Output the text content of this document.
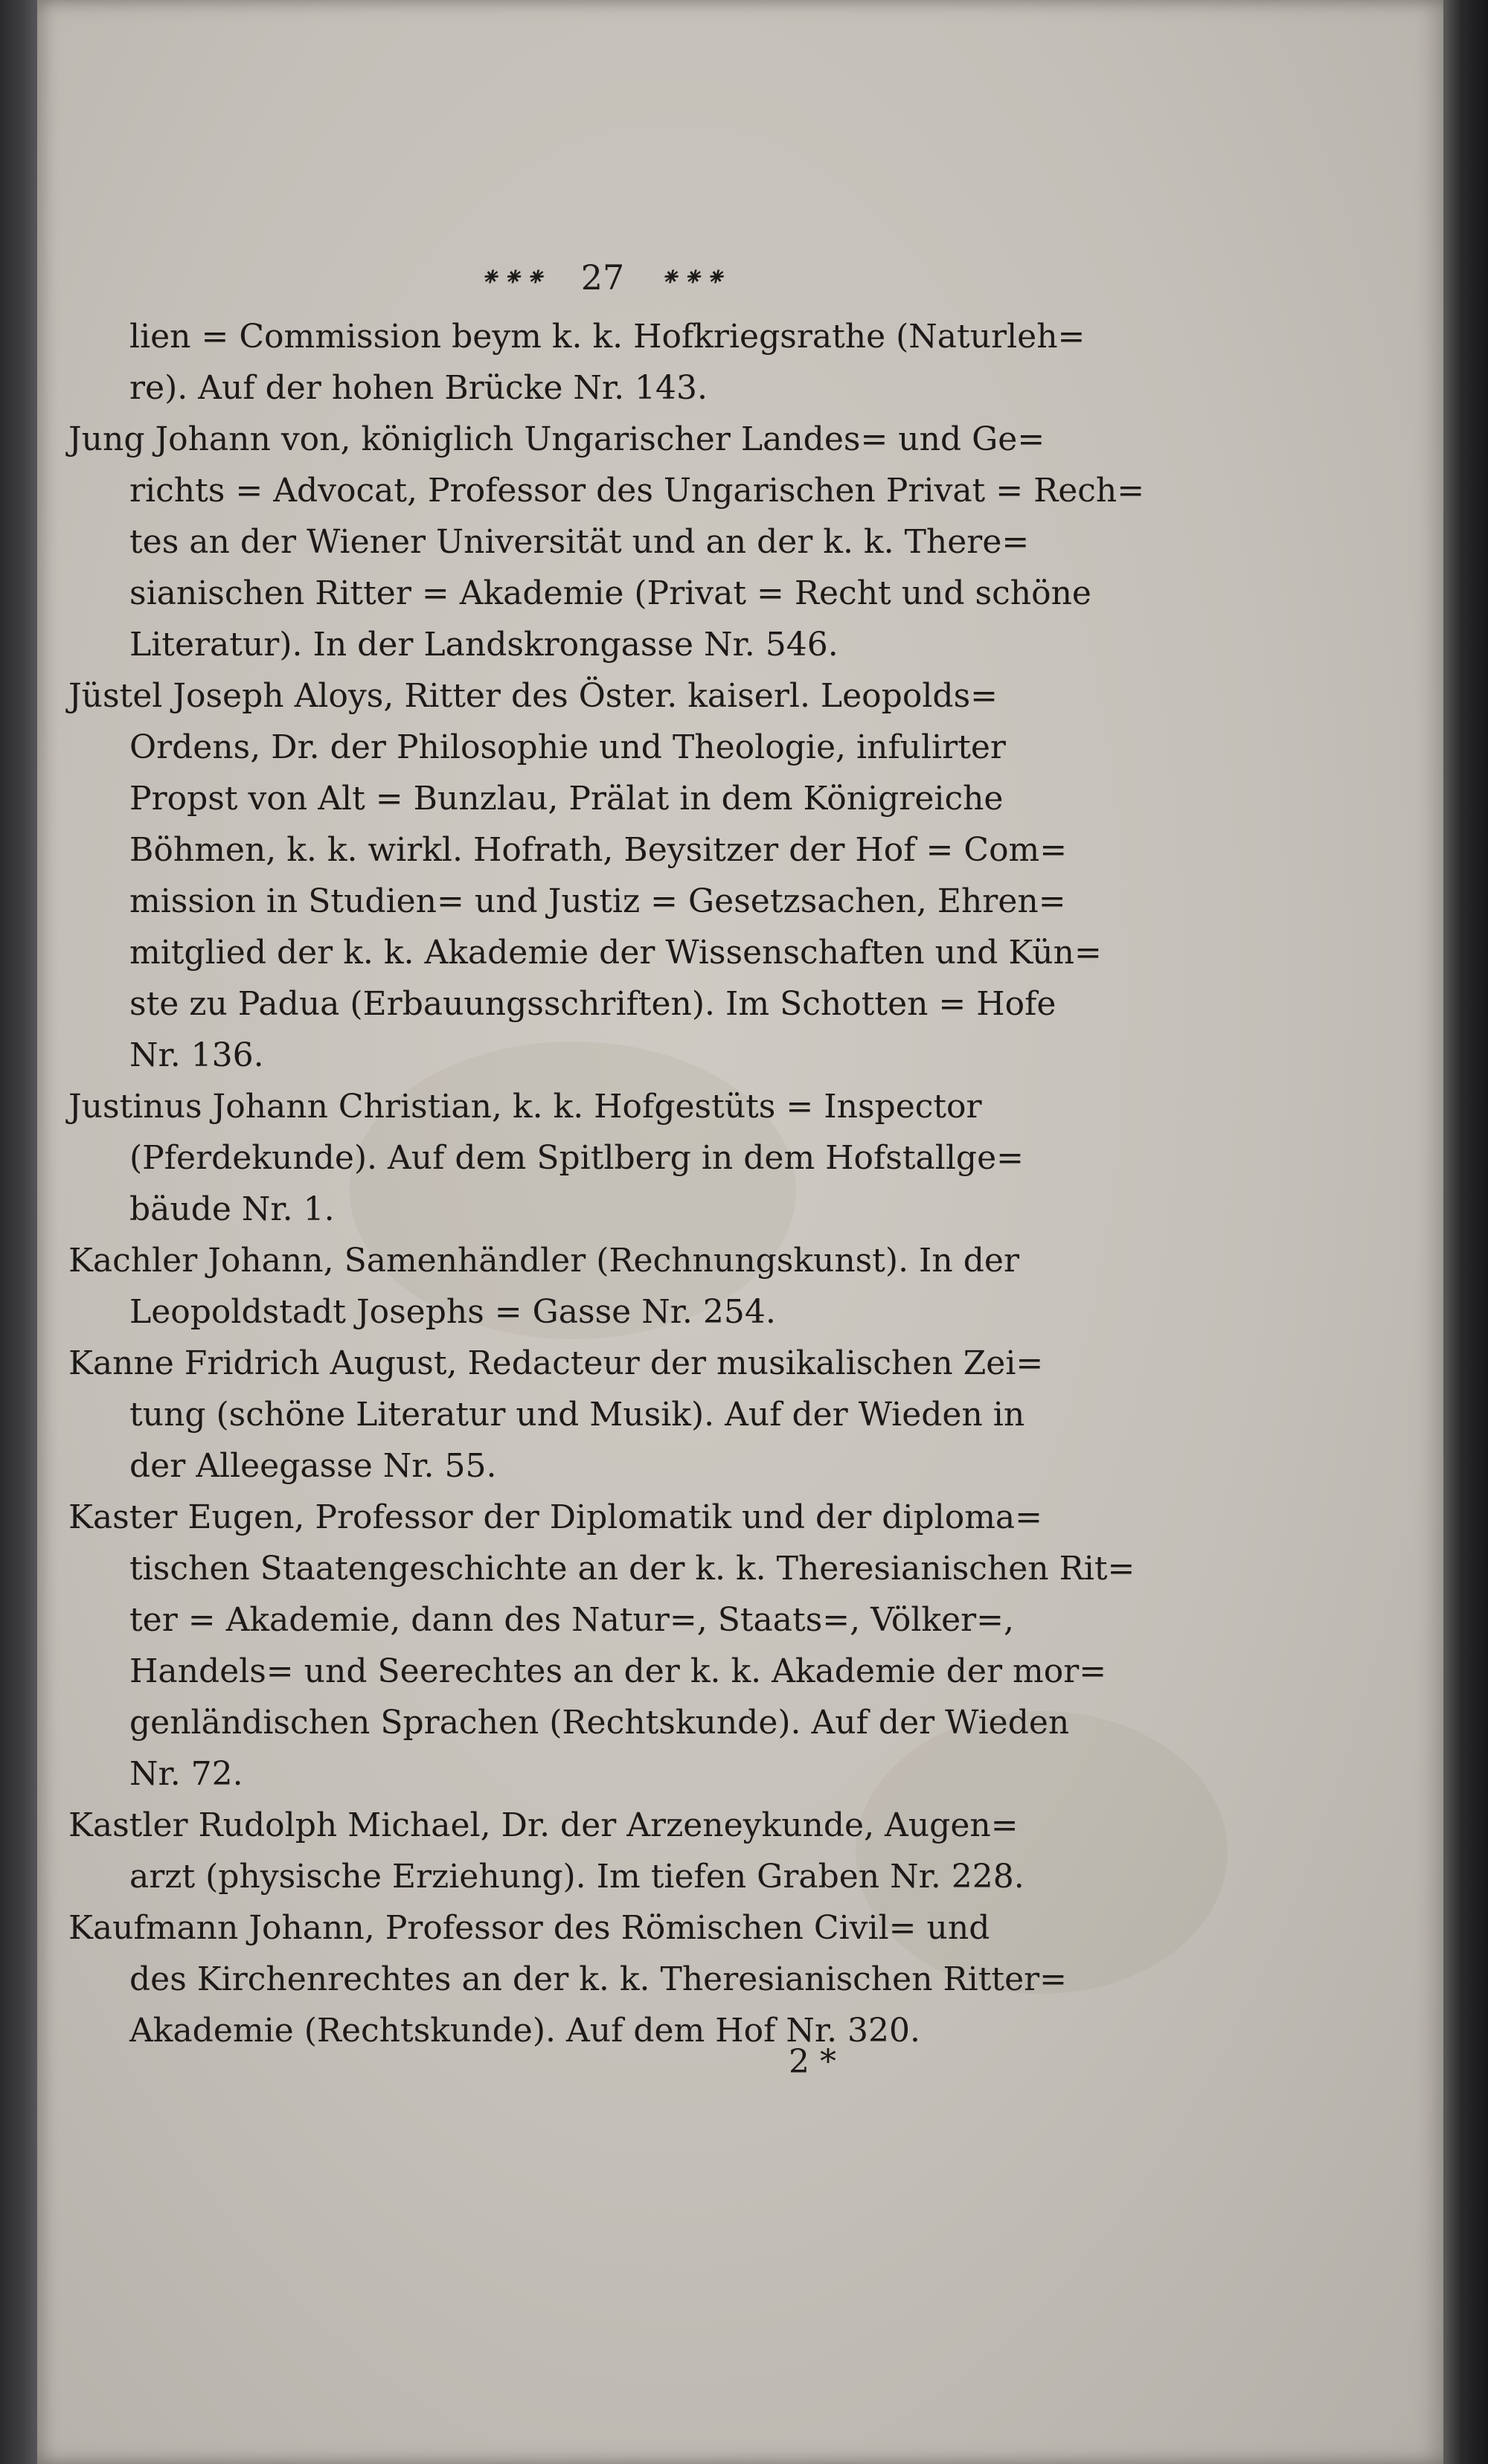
⁕⁕⁕ 27 ⁕⁕⁕
lien = Commission beym k. k. Hofkriegsrathe (Naturleh=
re). Auf der hohen Brücke Nr. 143.
Jung Johann von, königlich Ungarischer Landes= und Ge=
richts = Advocat, Professor des Ungarischen Privat = Rech=
tes an der Wiener Universität und an der k. k. There=
sianischen Ritter = Akademie (Privat = Recht und schöne
Literatur). In der Landskrongasse Nr. 546.
Jüstel Joseph Aloys, Ritter des Öster. kaiserl. Leopolds=
Ordens, Dr. der Philosophie und Theologie, infulirter
Propst von Alt = Bunzlau, Prälat in dem Königreiche
Böhmen, k. k. wirkl. Hofrath, Beysitzer der Hof = Com=
mission in Studien= und Justiz = Gesetzsachen, Ehren=
mitglied der k. k. Akademie der Wissenschaften und Kün=
ste zu Padua (Erbauungsschriften). Im Schotten = Hofe
Nr. 136.
Justinus Johann Christian, k. k. Hofgestüts = Inspector
(Pferdekunde). Auf dem Spitlberg in dem Hofstallge=
bäude Nr. 1.
Kachler Johann, Samenhändler (Rechnungskunst). In der
Leopoldstadt Josephs = Gasse Nr. 254.
Kanne Fridrich August, Redacteur der musikalischen Zei=
tung (schöne Literatur und Musik). Auf der Wieden in
der Alleegasse Nr. 55.
Kaster Eugen, Professor der Diplomatik und der diploma=
tischen Staatengeschichte an der k. k. Theresianischen Rit=
ter = Akademie, dann des Natur=, Staats=, Völker=,
Handels= und Seerechtes an der k. k. Akademie der mor=
genländischen Sprachen (Rechtskunde). Auf der Wieden
Nr. 72.
Kastler Rudolph Michael, Dr. der Arzeneykunde, Augen=
arzt (physische Erziehung). Im tiefen Graben Nr. 228.
Kaufmann Johann, Professor des Römischen Civil= und
des Kirchenrechtes an der k. k. Theresianischen Ritter=
Akademie (Rechtskunde). Auf dem Hof Nr. 320.
2 *
